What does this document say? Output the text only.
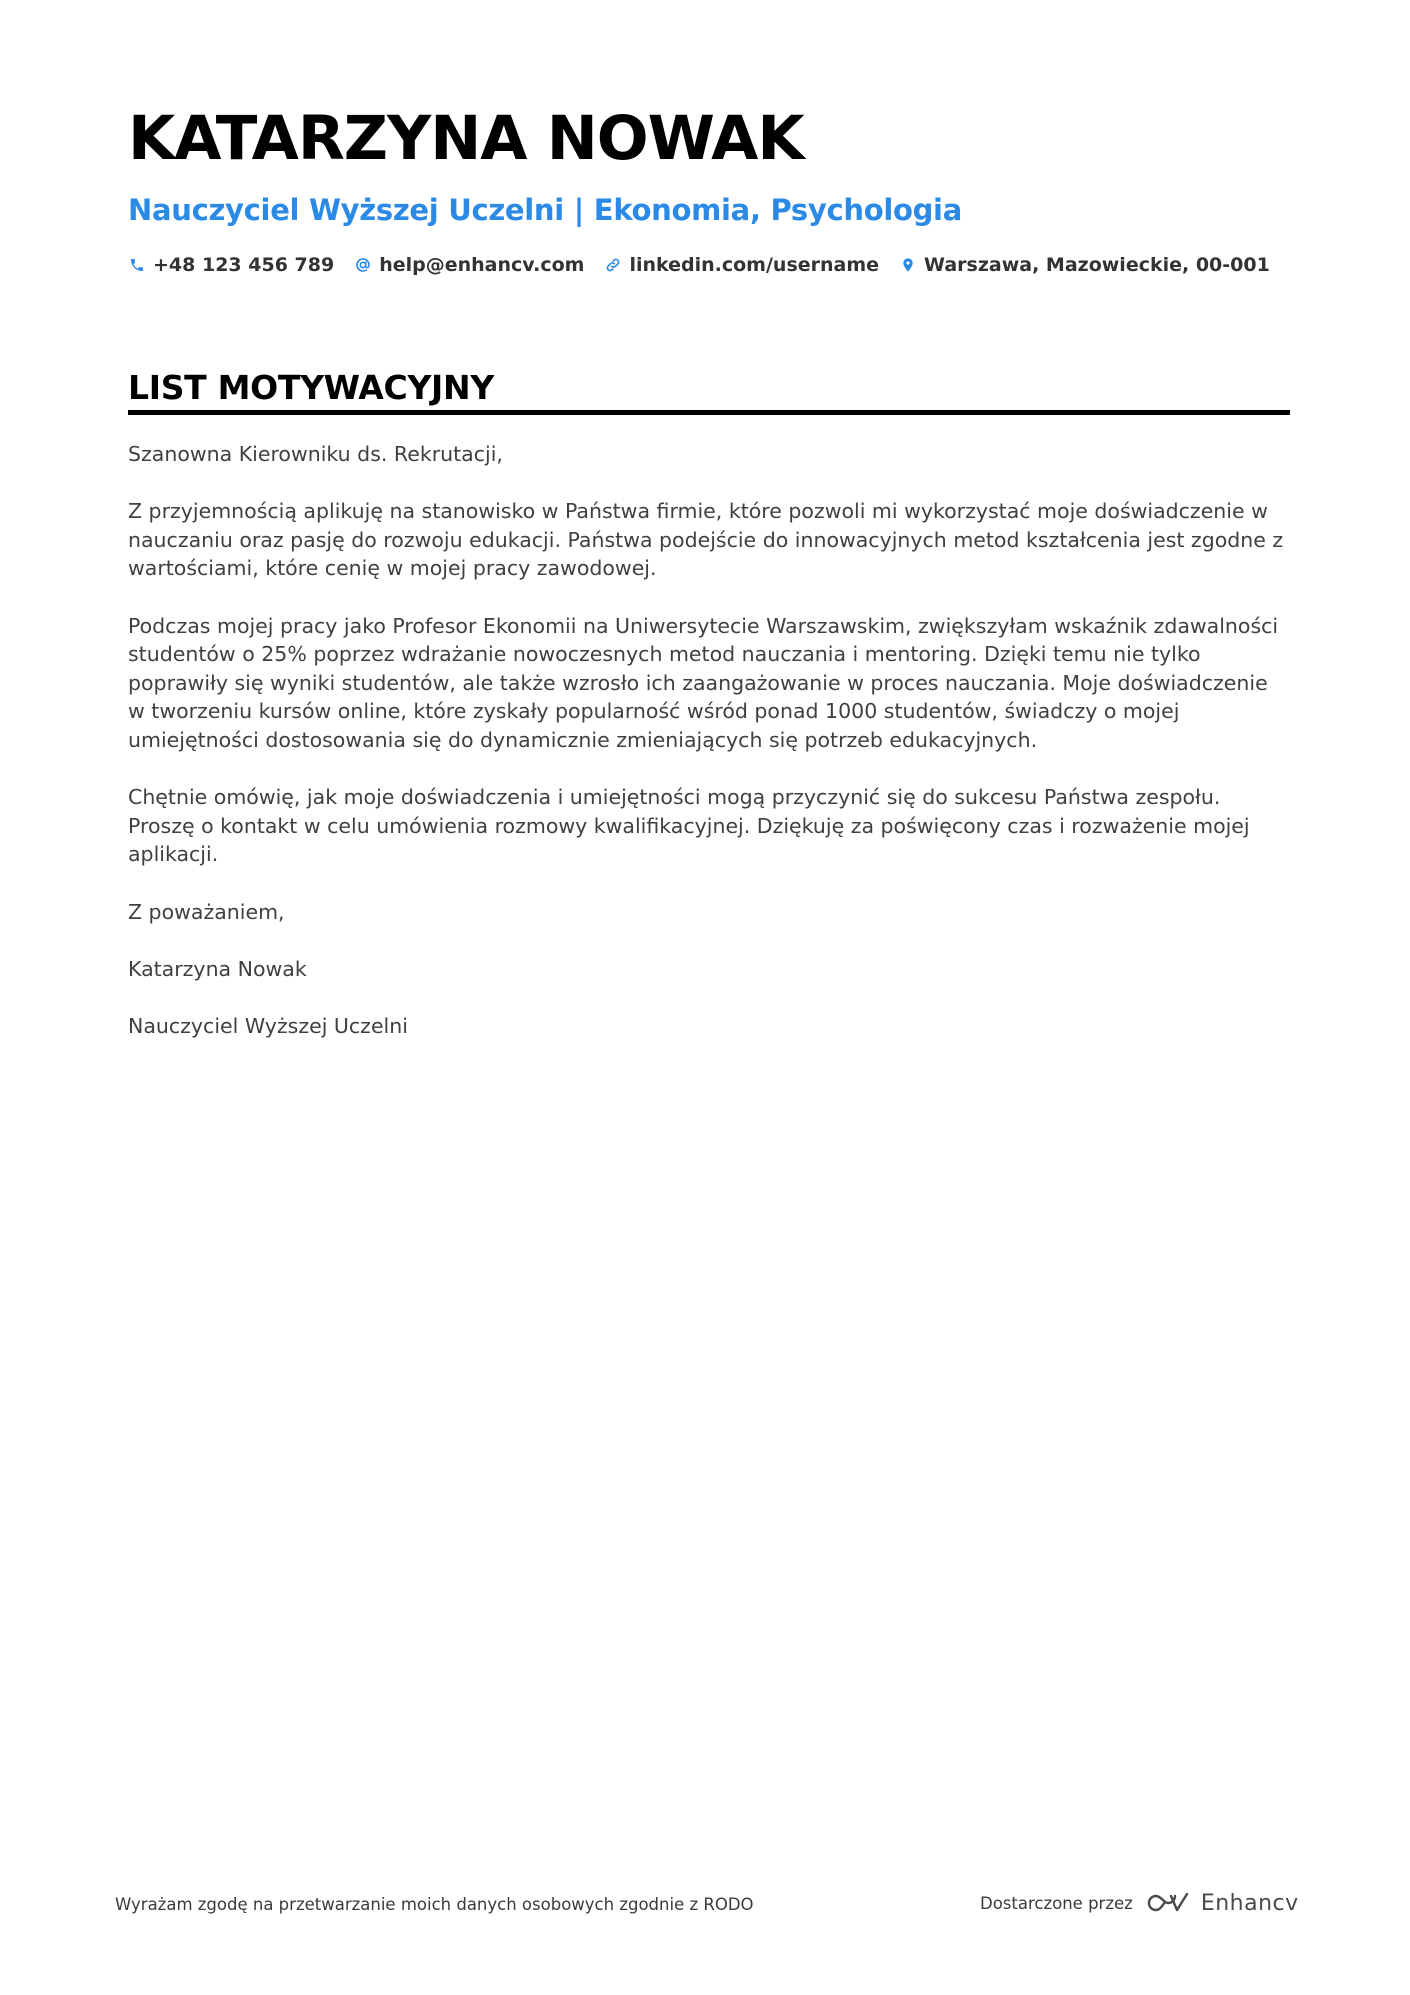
KATARZYNA NOWAK
Nauczyciel Wyższej Uczelni | Ekonomia, Psychologia
+48 123 456 789 help@enhancv.com linkedin.com/username Warszawa, Mazowieckie, 00-001
LIST MOTYWACYJNY

Szanowna Kierowniku ds. Rekrutacji,

Z przyjemnością aplikuję na stanowisko w Państwa firmie, które pozwoli mi wykorzystać moje doświadczenie w nauczaniu oraz pasję do rozwoju edukacji. Państwa podejście do innowacyjnych metod kształcenia jest zgodne z wartościami, które cenię w mojej pracy zawodowej.

Podczas mojej pracy jako Profesor Ekonomii na Uniwersytecie Warszawskim, zwiększyłam wskaźnik zdawalności studentów o 25% poprzez wdrażanie nowoczesnych metod nauczania i mentoring. Dzięki temu nie tylko poprawiły się wyniki studentów, ale także wzrosło ich zaangażowanie w proces nauczania. Moje doświadczenie w tworzeniu kursów online, które zyskały popularność wśród ponad 1000 studentów, świadczy o mojej umiejętności dostosowania się do dynamicznie zmieniających się potrzeb edukacyjnych.

Chętnie omówię, jak moje doświadczenia i umiejętności mogą przyczynić się do sukcesu Państwa zespołu. Proszę o kontakt w celu umówienia rozmowy kwalifikacyjnej. Dziękuję za poświęcony czas i rozważenie mojej aplikacji.

Z poważaniem,

Katarzyna Nowak

Nauczyciel Wyższej Uczelni

Wyrażam zgodę na przetwarzanie moich danych osobowych zgodnie z RODO	Dostarczone przez	Enhancv
